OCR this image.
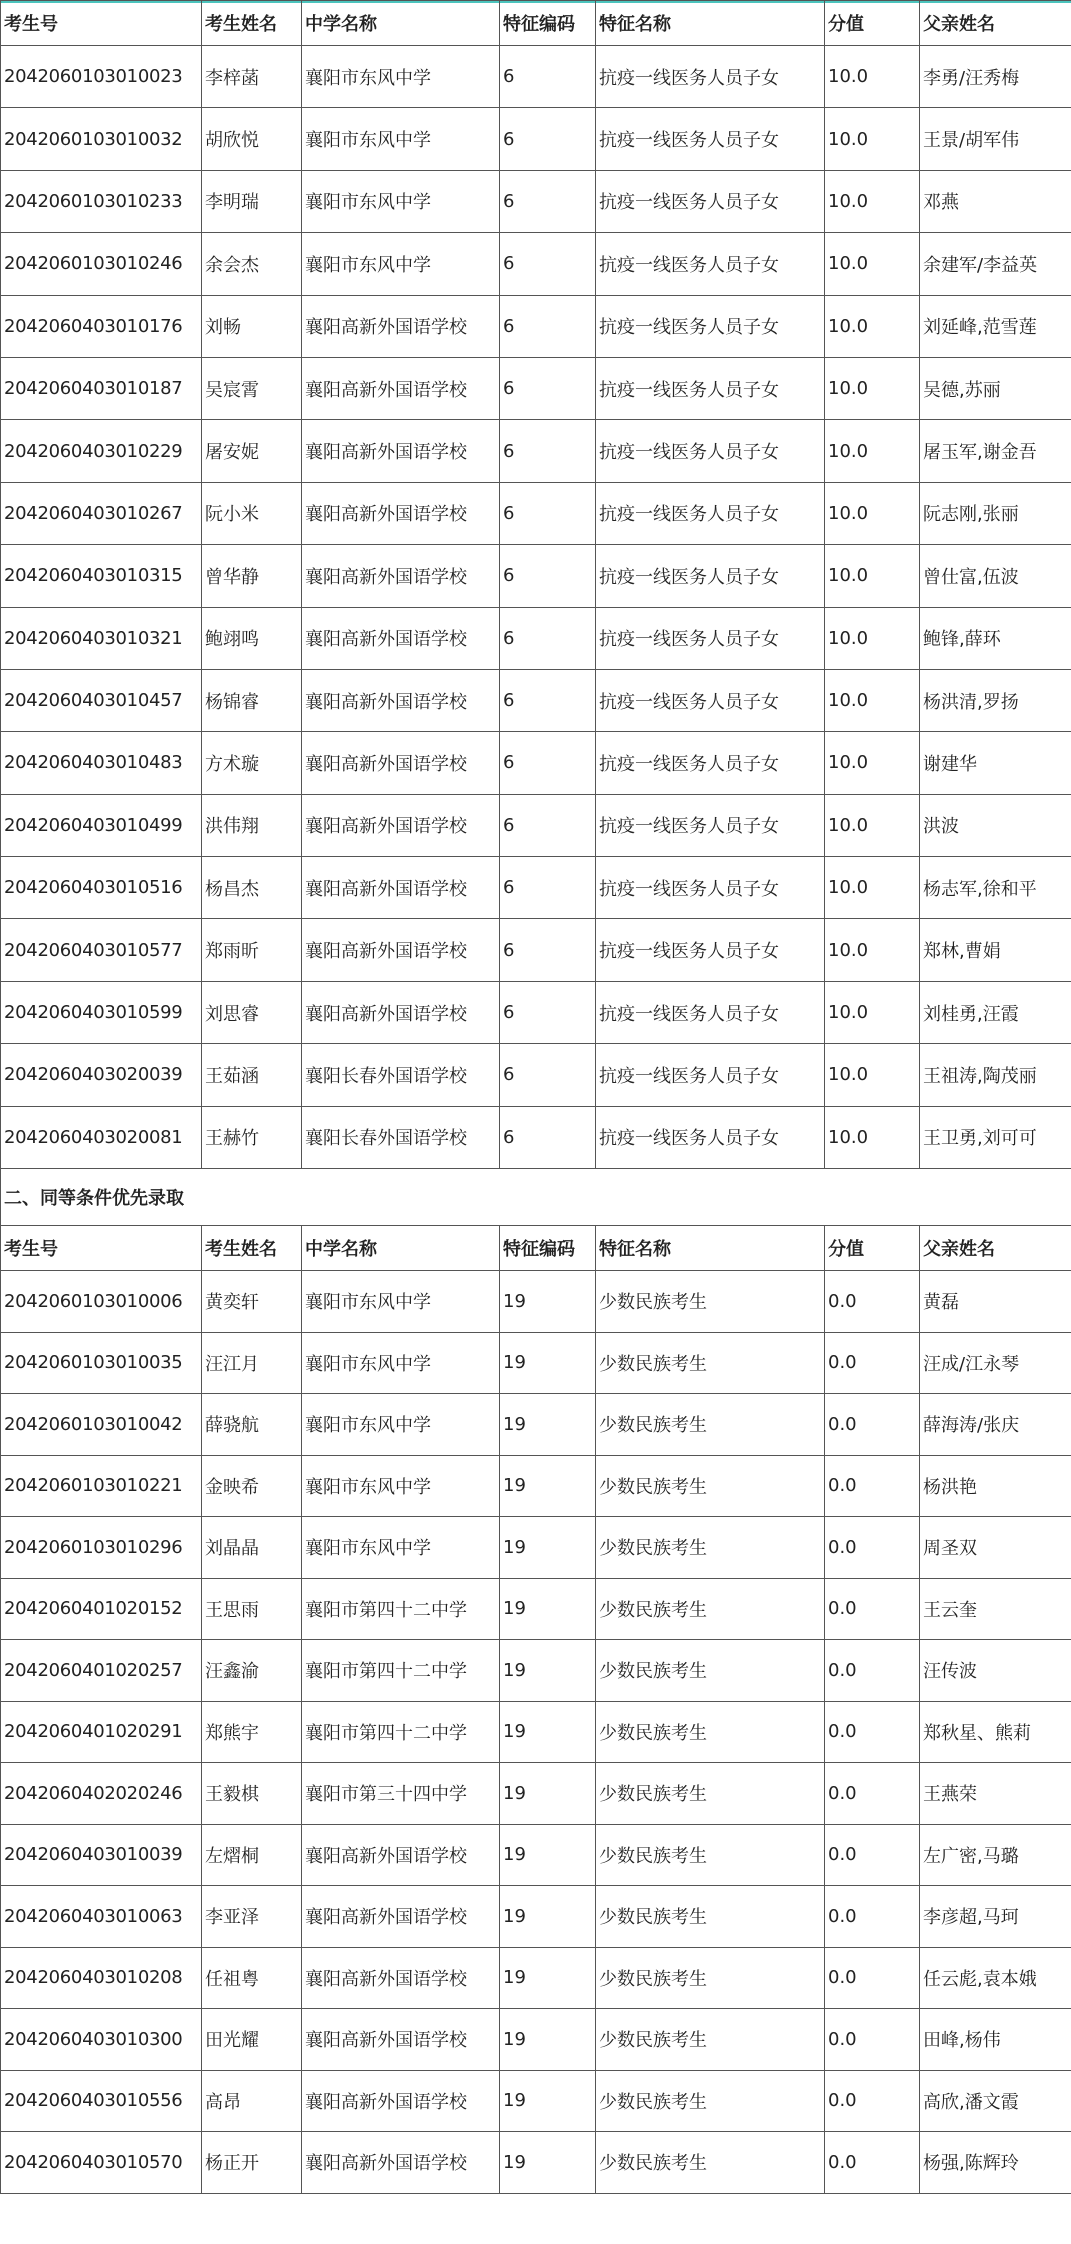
考生号	考生姓名	中学名称	特征编码	特征名称	分值	父亲姓名
2042060103010023	李梓菡	襄阳市东风中学	6	抗疫一线医务人员子女	10.0	李勇/汪秀梅
2042060103010032	胡欣悦	襄阳市东风中学	6	抗疫一线医务人员子女	10.0	王景/胡军伟
2042060103010233	李明瑞	襄阳市东风中学	6	抗疫一线医务人员子女	10.0	邓燕
2042060103010246	余会杰	襄阳市东风中学	6	抗疫一线医务人员子女	10.0	余建军/李益英
2042060403010176	刘畅	襄阳高新外国语学校	6	抗疫一线医务人员子女	10.0	刘延峰,范雪莲
2042060403010187	吴宸霄	襄阳高新外国语学校	6	抗疫一线医务人员子女	10.0	吴德,苏丽
2042060403010229	屠安妮	襄阳高新外国语学校	6	抗疫一线医务人员子女	10.0	屠玉军,谢金吾
2042060403010267	阮小米	襄阳高新外国语学校	6	抗疫一线医务人员子女	10.0	阮志刚,张丽
2042060403010315	曾华静	襄阳高新外国语学校	6	抗疫一线医务人员子女	10.0	曾仕富,伍波
2042060403010321	鲍翊鸣	襄阳高新外国语学校	6	抗疫一线医务人员子女	10.0	鲍锋,薛环
2042060403010457	杨锦睿	襄阳高新外国语学校	6	抗疫一线医务人员子女	10.0	杨洪清,罗扬
2042060403010483	方术璇	襄阳高新外国语学校	6	抗疫一线医务人员子女	10.0	谢建华
2042060403010499	洪伟翔	襄阳高新外国语学校	6	抗疫一线医务人员子女	10.0	洪波
2042060403010516	杨昌杰	襄阳高新外国语学校	6	抗疫一线医务人员子女	10.0	杨志军,徐和平
2042060403010577	郑雨昕	襄阳高新外国语学校	6	抗疫一线医务人员子女	10.0	郑林,曹娟
2042060403010599	刘思睿	襄阳高新外国语学校	6	抗疫一线医务人员子女	10.0	刘桂勇,汪霞
2042060403020039	王茹涵	襄阳长春外国语学校	6	抗疫一线医务人员子女	10.0	王祖涛,陶茂丽
2042060403020081	王赫竹	襄阳长春外国语学校	6	抗疫一线医务人员子女	10.0	王卫勇,刘可可
二、同等条件优先录取						
考生号	考生姓名	中学名称	特征编码	特征名称	分值	父亲姓名
2042060103010006	黄奕轩	襄阳市东风中学	19	少数民族考生	0.0	黄磊
2042060103010035	汪江月	襄阳市东风中学	19	少数民族考生	0.0	汪成/江永琴
2042060103010042	薛骁航	襄阳市东风中学	19	少数民族考生	0.0	薛海涛/张庆
2042060103010221	金映希	襄阳市东风中学	19	少数民族考生	0.0	杨洪艳
2042060103010296	刘晶晶	襄阳市东风中学	19	少数民族考生	0.0	周圣双
2042060401020152	王思雨	襄阳市第四十二中学	19	少数民族考生	0.0	王云奎
2042060401020257	汪鑫渝	襄阳市第四十二中学	19	少数民族考生	0.0	汪传波
2042060401020291	郑熊宇	襄阳市第四十二中学	19	少数民族考生	0.0	郑秋星、熊莉
2042060402020246	王毅棋	襄阳市第三十四中学	19	少数民族考生	0.0	王燕荣
2042060403010039	左熠桐	襄阳高新外国语学校	19	少数民族考生	0.0	左广密,马璐
2042060403010063	李亚泽	襄阳高新外国语学校	19	少数民族考生	0.0	李彦超,马珂
2042060403010208	任祖粤	襄阳高新外国语学校	19	少数民族考生	0.0	任云彪,袁本娥
2042060403010300	田光耀	襄阳高新外国语学校	19	少数民族考生	0.0	田峰,杨伟
2042060403010556	高昂	襄阳高新外国语学校	19	少数民族考生	0.0	高欣,潘文霞
2042060403010570	杨正开	襄阳高新外国语学校	19	少数民族考生	0.0	杨强,陈辉玲
